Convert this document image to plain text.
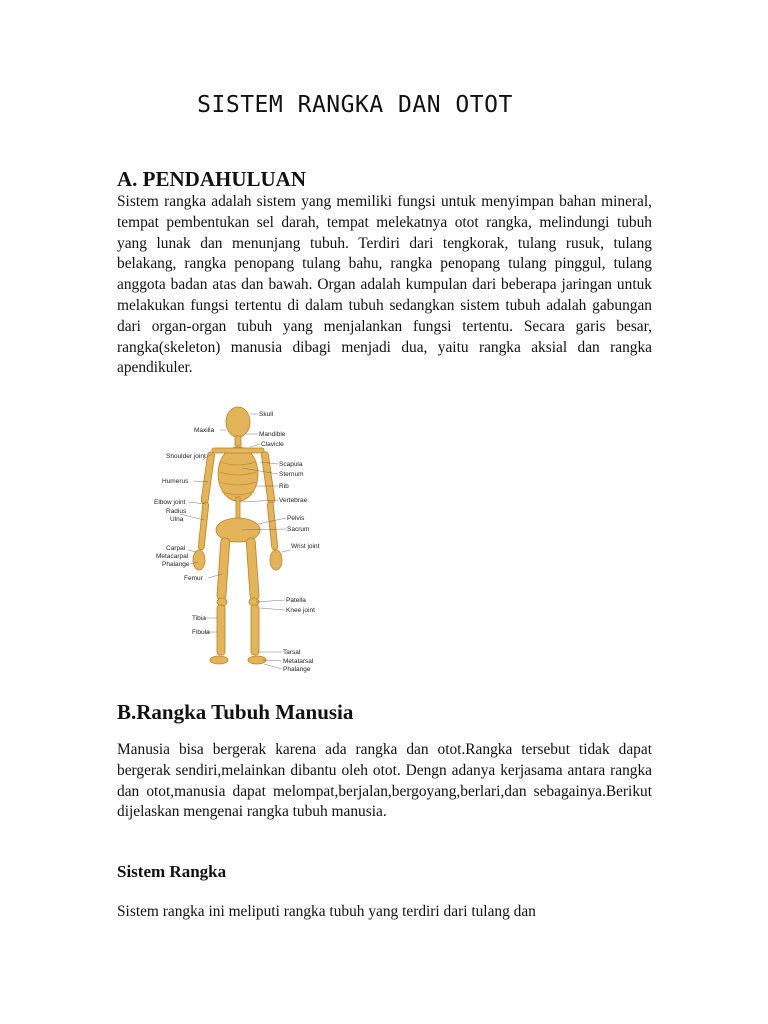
SISTEM RANGKA DAN OTOT
A. PENDAHULUAN

Sistem rangka adalah sistem yang memiliki fungsi untuk menyimpan bahan mineral, tempat pembentukan sel darah, tempat melekatnya otot rangka, melindungi tubuh yang lunak dan menunjang tubuh. Terdiri dari tengkorak, tulang rusuk, tulang belakang, rangka penopang tulang bahu, rangka penopang tulang pinggul, tulang anggota badan atas dan bawah. Organ adalah kumpulan dari beberapa jaringan untuk melakukan fungsi tertentu di dalam tubuh sedangkan sistem tubuh adalah gabungan dari organ-organ tubuh yang menjalankan fungsi tertentu. Secara garis besar, rangka(skeleton) manusia dibagi menjadi dua, yaitu rangka aksial dan rangka apendikuler.

Skull
Mandible
Clavicle
Scapula
Sternum
Rib
Vertebrae
Pelvis
Sacrum
Wrist joint
Patella
Knee joint
Tarsal
Metatarsal
Phalange
Maxilla
Shoulder joint
Humerus
Elbow joint
Radius
Ulna
Carpal
Metacarpal
Phalange
Femur
Tibia
Fibula
B.Rangka Tubuh Manusia

Manusia bisa bergerak karena ada rangka dan otot.Rangka tersebut tidak dapat bergerak sendiri,melainkan dibantu oleh otot. Dengn adanya kerjasama antara rangka dan otot,manusia dapat melompat,berjalan,bergoyang,berlari,dan sebagainya.Berikut dijelaskan mengenai rangka tubuh manusia.

Sistem Rangka

Sistem rangka ini meliputi rangka tubuh yang terdiri dari tulang dan
